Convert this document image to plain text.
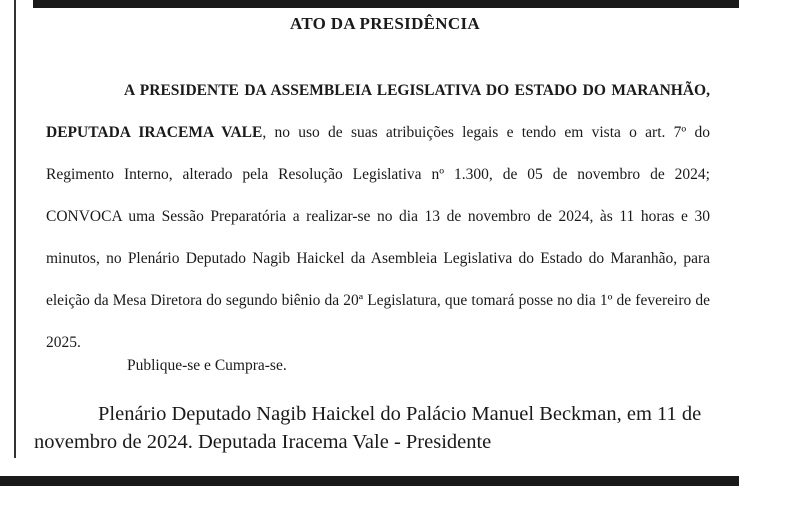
ATO DA PRESIDÊNCIA

A PRESIDENTE DA ASSEMBLEIA LEGISLATIVA DO ESTADO DO MARANHÃO, DEPUTADA IRACEMA VALE, no uso de suas atribuições legais e tendo em vista o art. 7º do Regimento Interno, alterado pela Resolução Legislativa nº 1.300, de 05 de novembro de 2024; CONVOCA uma Sessão Preparatória a realizar-se no dia 13 de novembro de 2024, às 11 horas e 30 minutos, no Plenário Deputado Nagib Haickel da Asembleia Legislativa do Estado do Maranhão, para eleição da Mesa Diretora do segundo biênio da 20ª Legislatura, que tomará posse no dia 1º de fevereiro de 2025.

Publique-se e Cumpra-se.
Plenário Deputado Nagib Haickel do Palácio Manuel Beckman, em 11 de
novembro de 2024. Deputada Iracema Vale - Presidente
